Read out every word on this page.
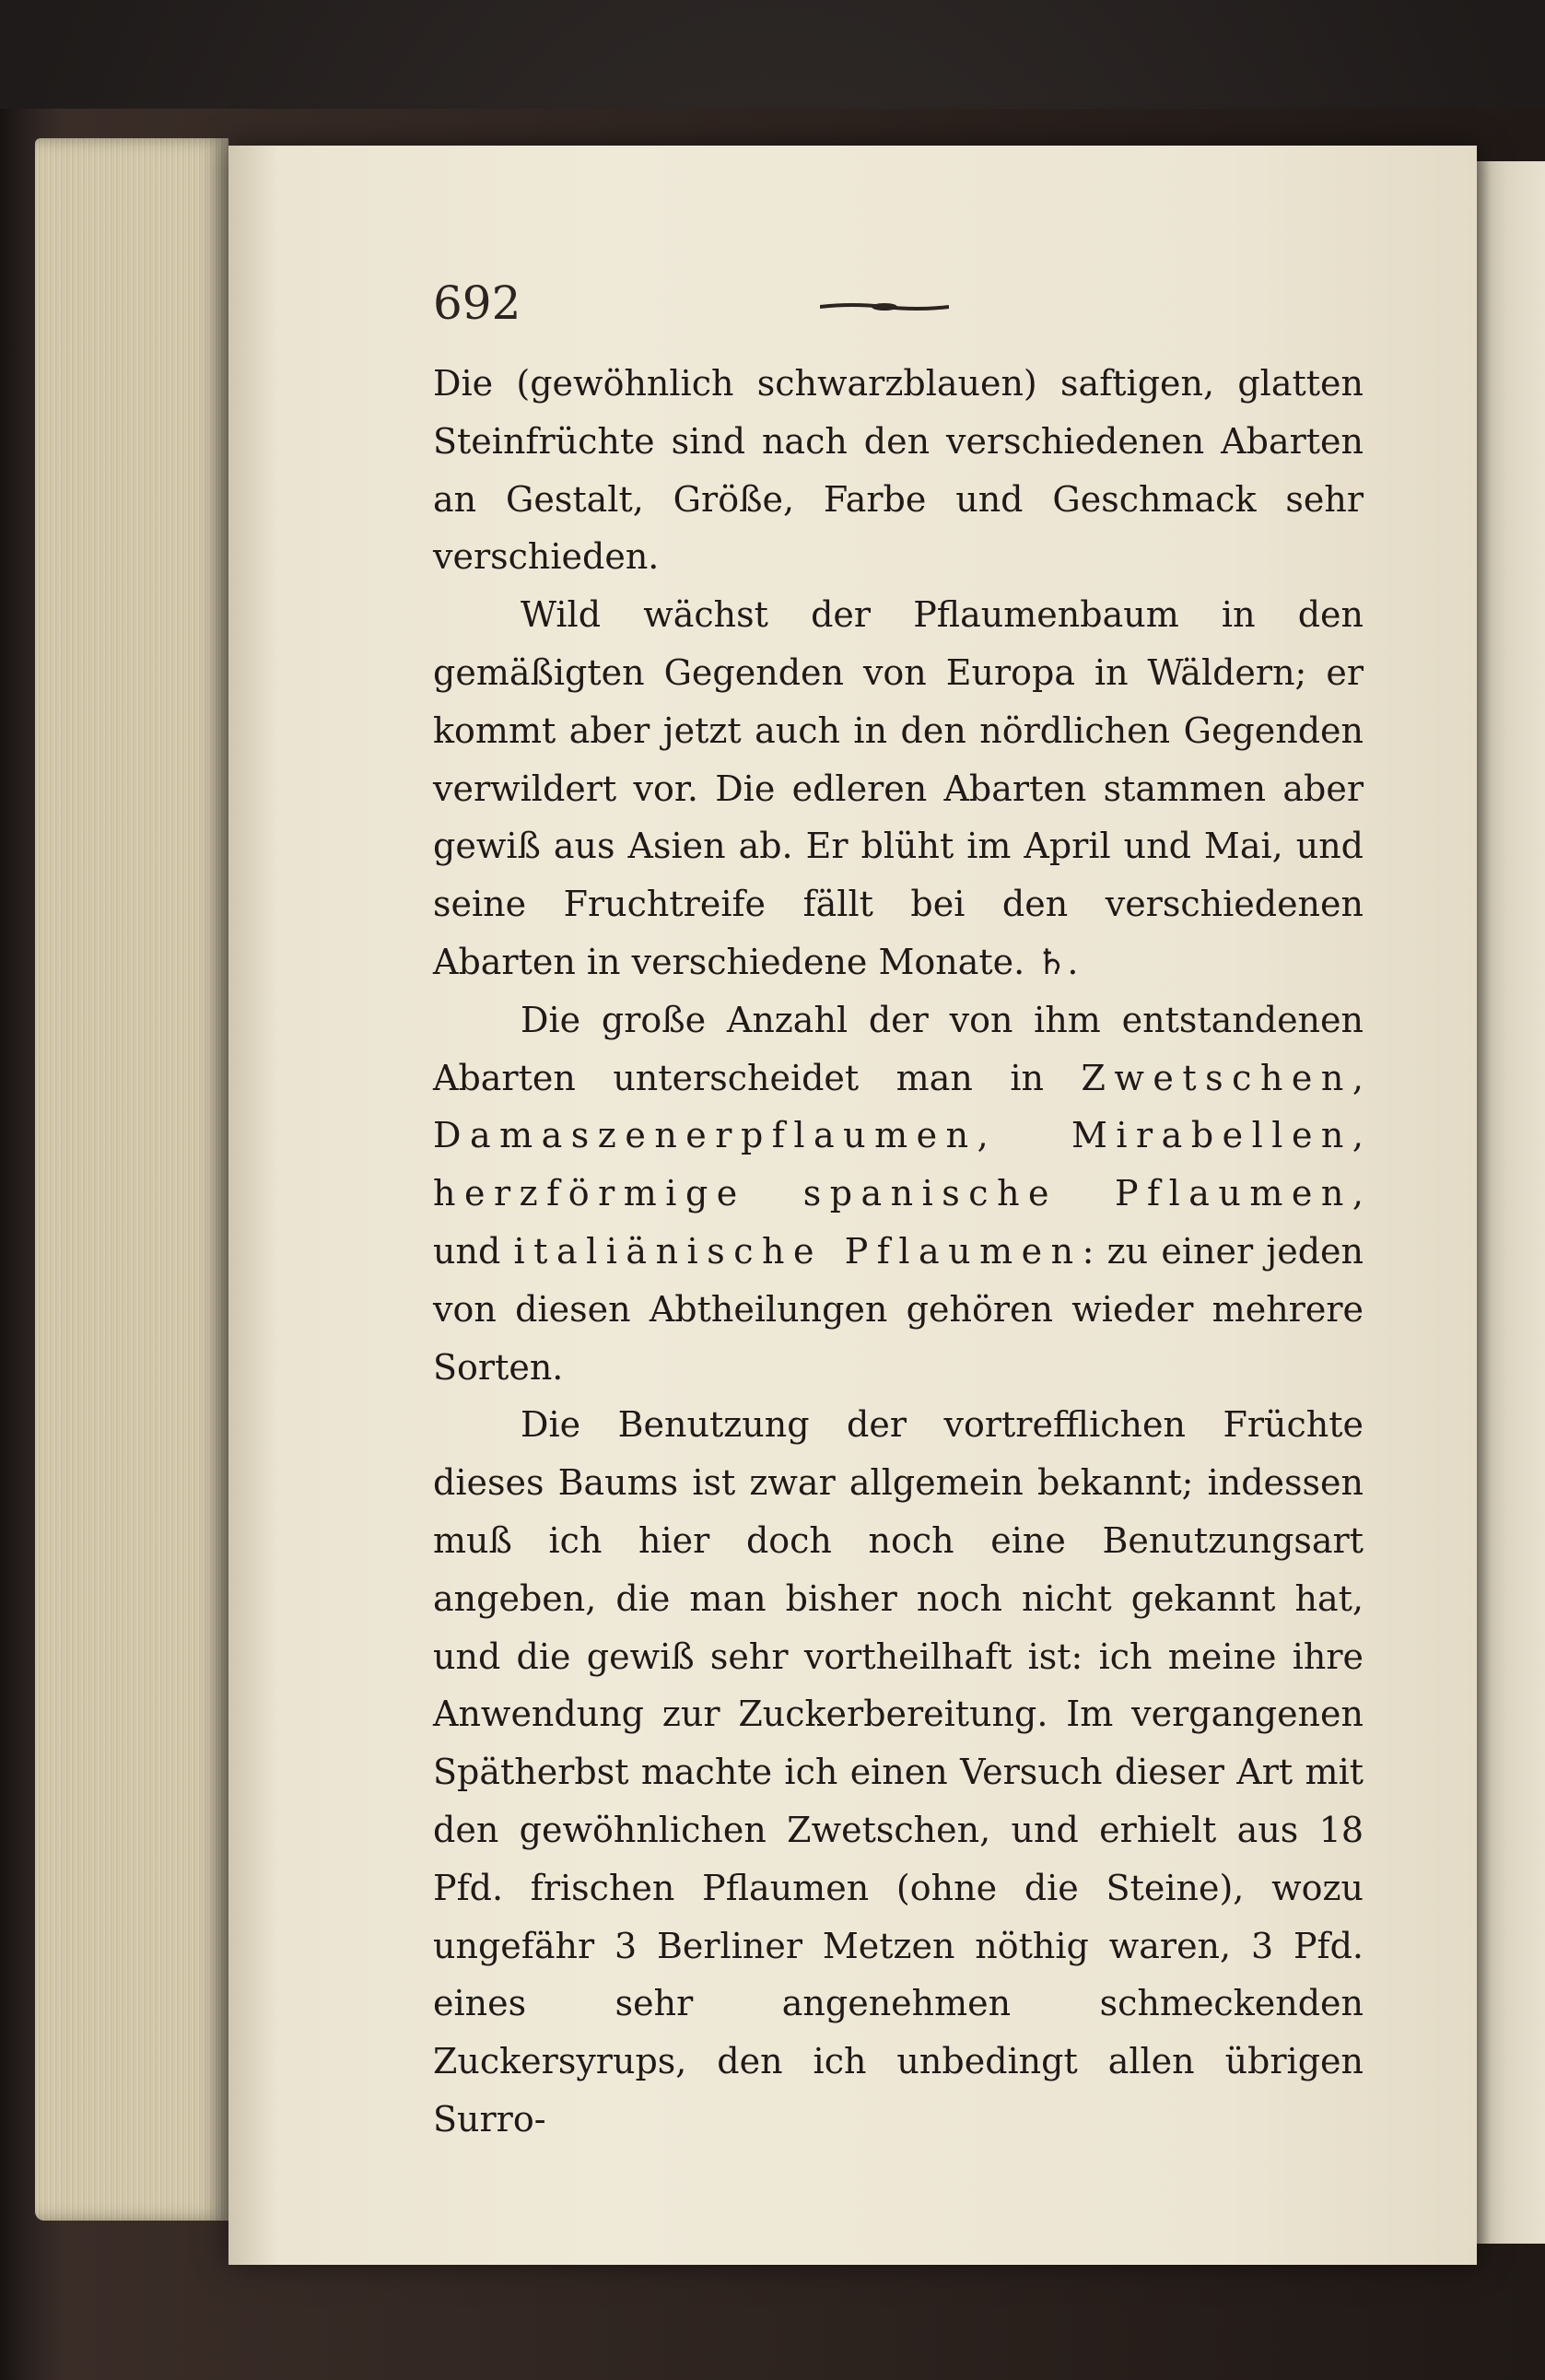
692

Die (gewöhnlich schwarzblauen) saftigen, glatten Steinfrüchte sind nach den verschiedenen Abarten an Gestalt, Größe, Farbe und Geschmack sehr verschieden.

Wild wächst der Pflaumenbaum in den gemäßigten Gegenden von Europa in Wäldern; er kommt aber jetzt auch in den nördlichen Gegenden verwildert vor. Die edleren Abarten stammen aber gewiß aus Asien ab. Er blüht im April und Mai, und seine Fruchtreife fällt bei den verschiedenen Abarten in verschiedene Monate. ♄.

Die große Anzahl der von ihm entstandenen Abarten unterscheidet man in Zwetschen, Damaszenerpflaumen, Mirabellen, herzförmige spanische Pflaumen, und italiänische Pflaumen: zu einer jeden von diesen Abtheilungen gehören wieder mehrere Sorten.

Die Benutzung der vortrefflichen Früchte dieses Baums ist zwar allgemein bekannt; indessen muß ich hier doch noch eine Benutzungsart angeben, die man bisher noch nicht gekannt hat, und die gewiß sehr vortheilhaft ist: ich meine ihre Anwendung zur Zuckerbereitung. Im vergangenen Spätherbst machte ich einen Versuch dieser Art mit den gewöhnlichen Zwetschen, und erhielt aus 18 Pfd. frischen Pflaumen (ohne die Steine), wozu ungefähr 3 Berliner Metzen nöthig waren, 3 Pfd. eines sehr angenehmen schmeckenden Zuckersyrups, den ich unbedingt allen übrigen Surro-
